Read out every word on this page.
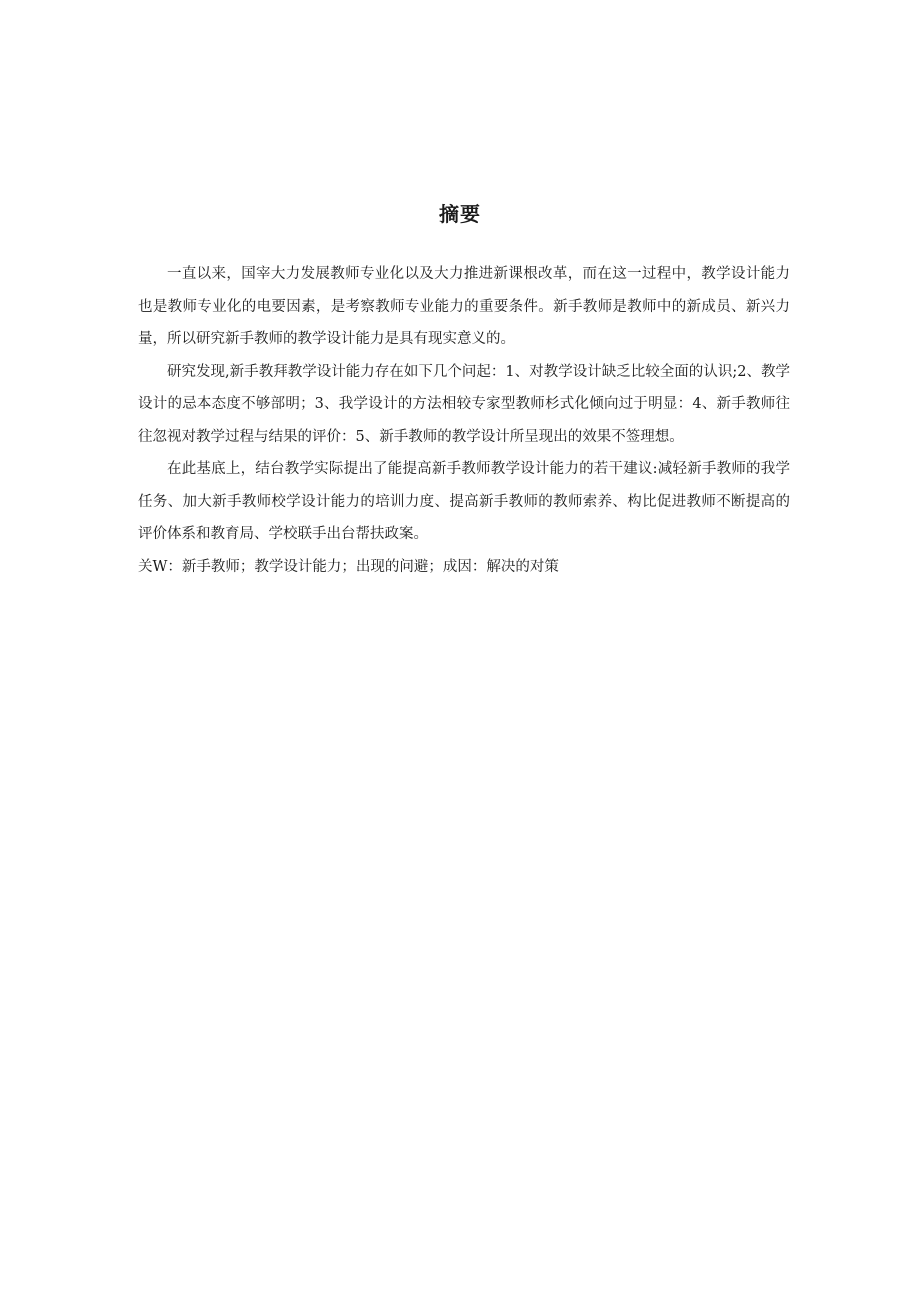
摘要

一直以来，国宰大力发展教师专业化以及大力推进新课根改革，而在这一过程中，教学设计能力也是教师专业化的电要因素，是考察教师专业能力的重要条件。新手教师是教师中的新成员、新兴力量，所以研究新手教师的教学设计能力是具有现实意义的。

研究发现,新手教拜教学设计能力存在如下几个问起：1、对教学设计缺乏比较全面的认识;2、教学设计的忌本态度不够部明；3、我学设计的方法相较专家型教师杉式化倾向过于明显：4、新手教师往往忽视对教学过程与结果的评价：5、新手教师的教学设计所呈现出的效果不签理想。

在此基底上，结台教学实际提出了能提高新手教师教学设计能力的若干建议:减轻新手教师的我学任务、加大新手教师校学设计能力的培训力度、提高新手教师的教师索养、构比促进教师不断提高的评价体系和教育局、学校联手出台帮扶政案。

关W：新手教师；教学设计能力；出现的问避；成因：解决的对策
